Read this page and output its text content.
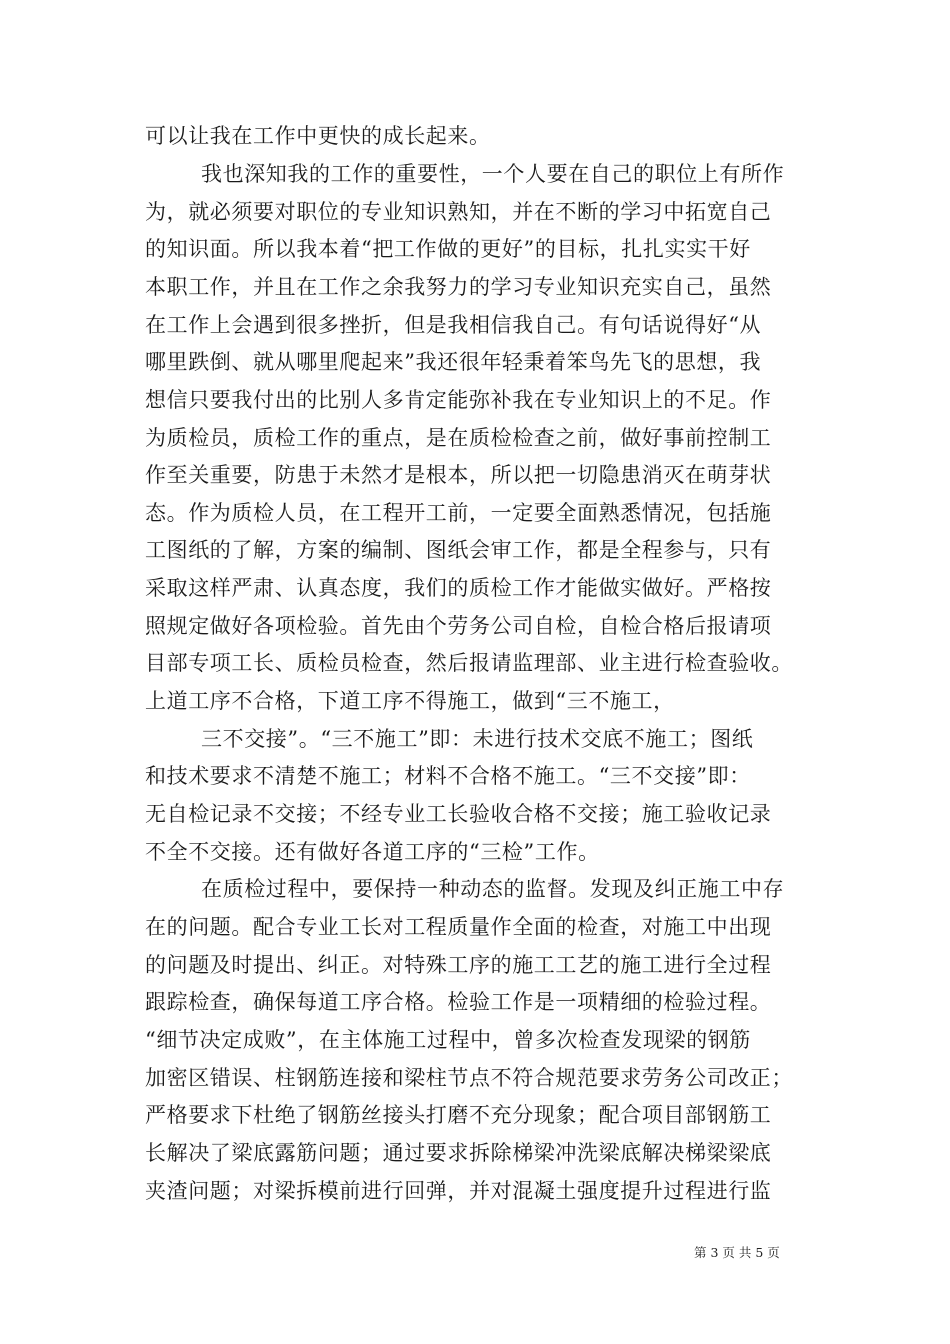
可以让我在工作中更快的成长起来。
我也深知我的工作的重要性，一个人要在自己的职位上有所作
为，就必须要对职位的专业知识熟知，并在不断的学习中拓宽自己
的知识面。所以我本着“把工作做的更好”的目标，扎扎实实干好
本职工作，并且在工作之余我努力的学习专业知识充实自己，虽然
在工作上会遇到很多挫折，但是我相信我自己。有句话说得好“从
哪里跌倒、就从哪里爬起来”我还很年轻秉着笨鸟先飞的思想，我
想信只要我付出的比别人多肯定能弥补我在专业知识上的不足。作
为质检员，质检工作的重点，是在质检检查之前，做好事前控制工
作至关重要，防患于未然才是根本，所以把一切隐患消灭在萌芽状
态。作为质检人员，在工程开工前，一定要全面熟悉情况，包括施
工图纸的了解，方案的编制、图纸会审工作，都是全程参与，只有
采取这样严肃、认真态度，我们的质检工作才能做实做好。严格按
照规定做好各项检验。首先由个劳务公司自检，自检合格后报请项
目部专项工长、质检员检查，然后报请监理部、业主进行检查验收。
上道工序不合格，下道工序不得施工，做到“三不施工，
三不交接”。“三不施工”即：未进行技术交底不施工；图纸
和技术要求不清楚不施工；材料不合格不施工。“三不交接”即：
无自检记录不交接；不经专业工长验收合格不交接；施工验收记录
不全不交接。还有做好各道工序的“三检”工作。
在质检过程中，要保持一种动态的监督。发现及纠正施工中存
在的问题。配合专业工长对工程质量作全面的检查，对施工中出现
的问题及时提出、纠正。对特殊工序的施工工艺的施工进行全过程
跟踪检查，确保每道工序合格。检验工作是一项精细的检验过程。
“细节决定成败”，在主体施工过程中，曾多次检查发现梁的钢筋
加密区错误、柱钢筋连接和梁柱节点不符合规范要求劳务公司改正；
严格要求下杜绝了钢筋丝接头打磨不充分现象；配合项目部钢筋工
长解决了梁底露筋问题；通过要求拆除梯梁冲洗梁底解决梯梁梁底
夹渣问题；对梁拆模前进行回弹，并对混凝土强度提升过程进行监
第 3 页 共 5 页
